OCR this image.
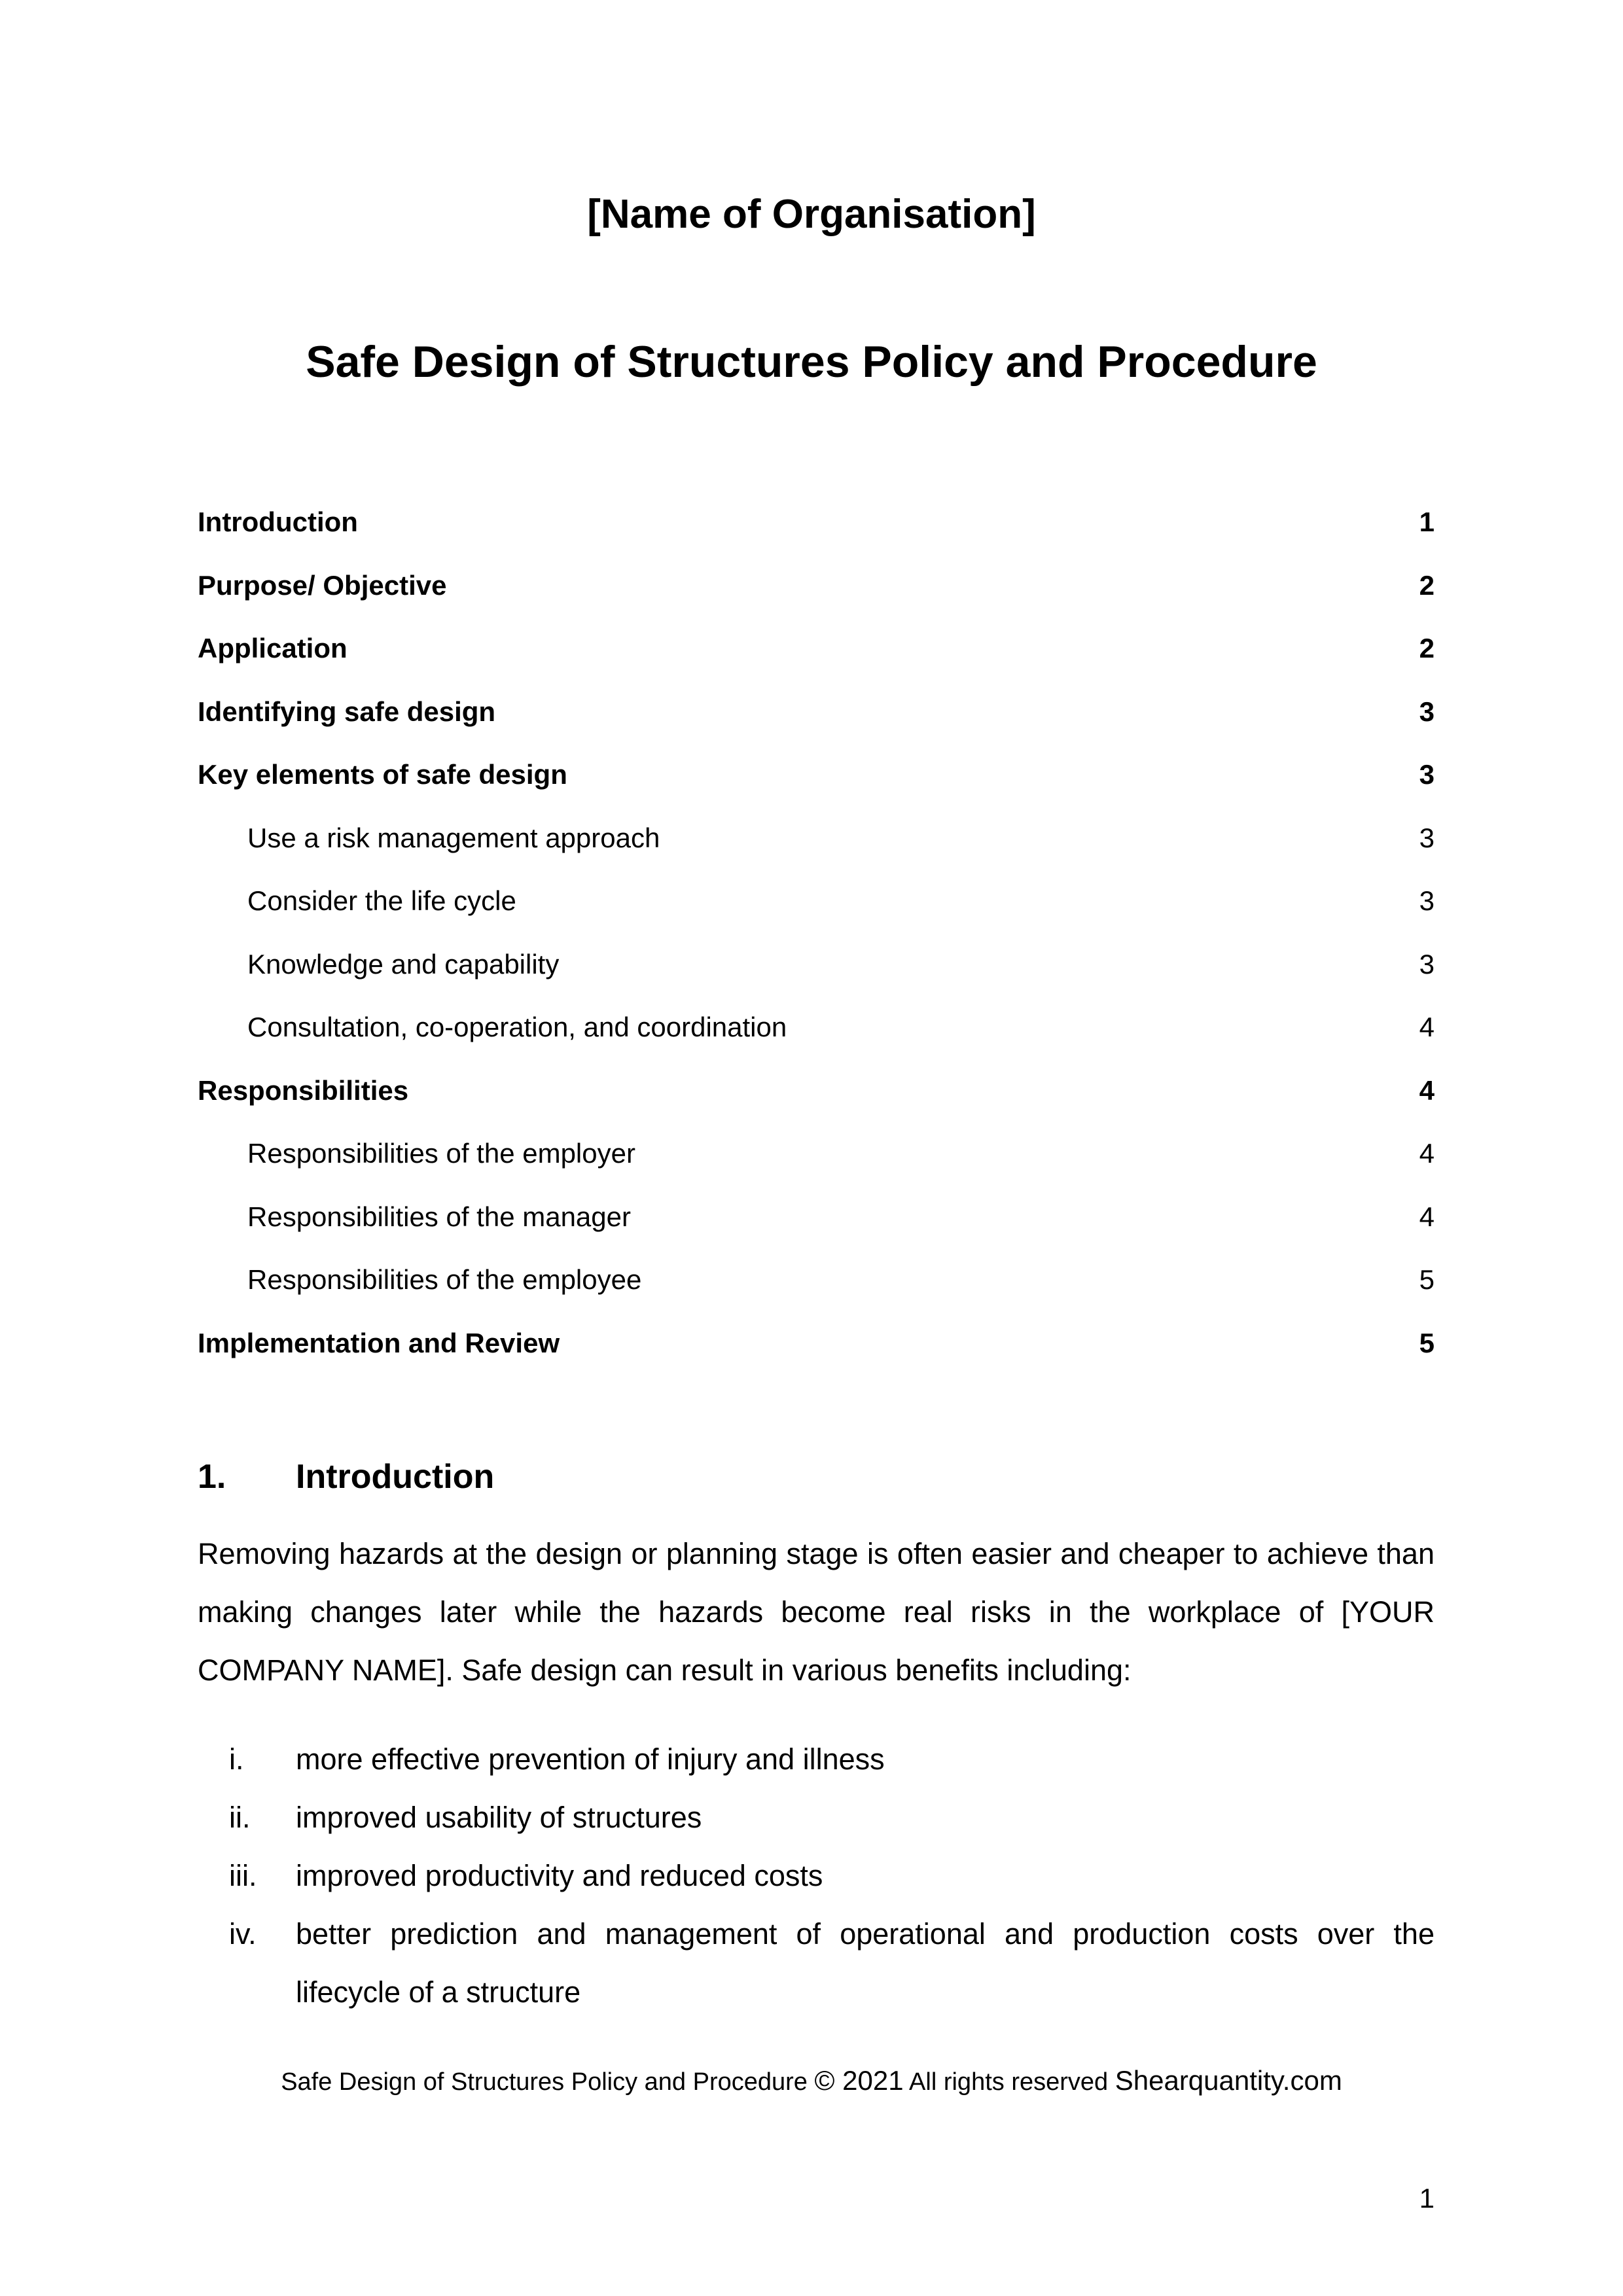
[Name of Organisation]
Safe Design of Structures Policy and Procedure
Introduction	1
Purpose/ Objective	2
Application	2
Identifying safe design	3
Key elements of safe design	3
Use a risk management approach	3
Consider the life cycle	3
Knowledge and capability	3
Consultation, co-operation, and coordination	4
Responsibilities	4
Responsibilities of the employer	4
Responsibilities of the manager	4
Responsibilities of the employee	5
Implementation and Review	5
1. Introduction
Removing hazards at the design or planning stage is often easier and cheaper to achieve than making changes later while the hazards become real risks in the workplace of [YOUR COMPANY NAME]. Safe design can result in various benefits including:
i. more effective prevention of injury and illness
ii. improved usability of structures
iii. improved productivity and reduced costs
iv. better prediction and management of operational and production costs over the lifecycle of a structure
Safe Design of Structures Policy and Procedure © 2021 All rights reserved Shearquantity.com
1
